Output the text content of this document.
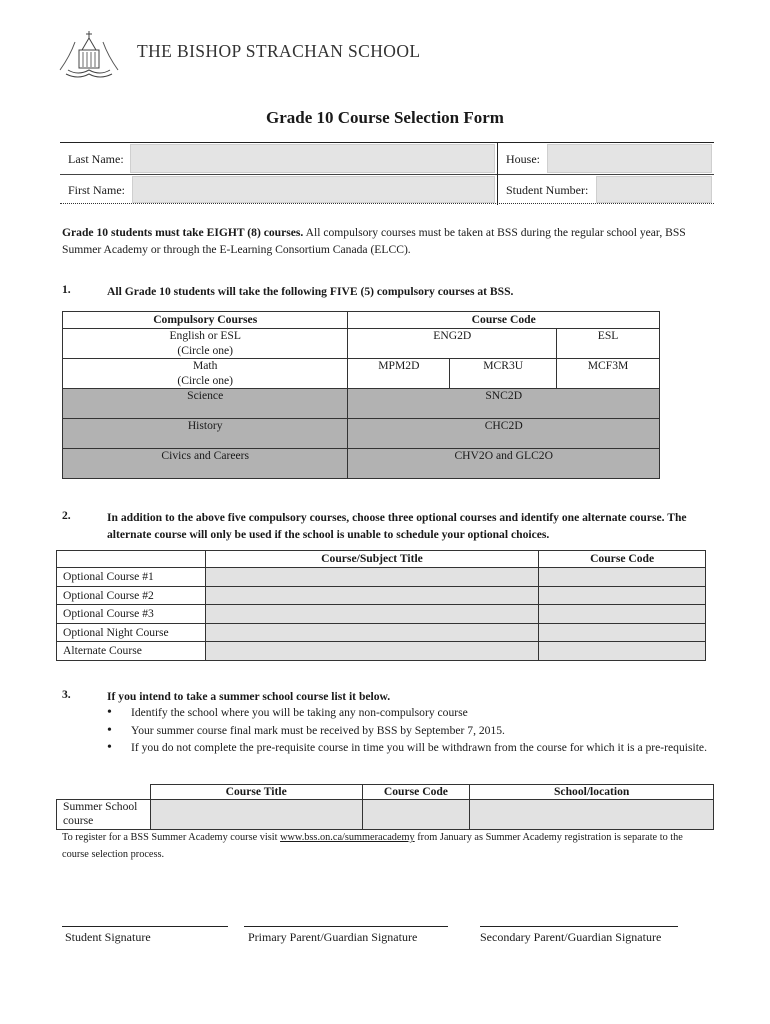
THE BISHOP STRACHAN SCHOOL
Grade 10 Course Selection Form
Last Name:	House:
First Name:	Student Number:
Grade 10 students must take EIGHT (8) courses. All compulsory courses must be taken at BSS during the regular school year, BSS Summer Academy or through the E-Learning Consortium Canada (ELCC).
1.	All Grade 10 students will take the following FIVE (5) compulsory courses at BSS.
Compulsory Courses	Course Code		

English or ESL
(Circle one)	ENG2D		ESL

Math
(Circle one)	MPM2D	MCR3U	MCF3M
Science	SNC2D		
History	CHC2D		
Civics and Careers	CHV2O and GLC2O		
2.	In addition to the above five compulsory courses, choose three optional courses and identify one alternate course. The alternate course will only be used if the school is unable to schedule your optional choices.
	Course/Subject Title	Course Code
Optional Course #1		
Optional Course #2		
Optional Course #3		
Optional Night Course		
Alternate Course		
3.	If you intend to take a summer school course list it below.
• Identify the school where you will be taking any non-compulsory course
• Your summer course final mark must be received by BSS by September 7, 2015.
• If you do not complete the pre-requisite course in time you will be withdrawn from the course for which it is a pre-requisite.
	Course Title	Course Code	School/location

Summer School
course			

To register for a BSS Summer Academy course visit www.bss.on.ca/summeracademy from January as Summer Academy registration is separate to the course selection process.
Student Signature	Primary Parent/Guardian Signature	Secondary Parent/Guardian Signature
